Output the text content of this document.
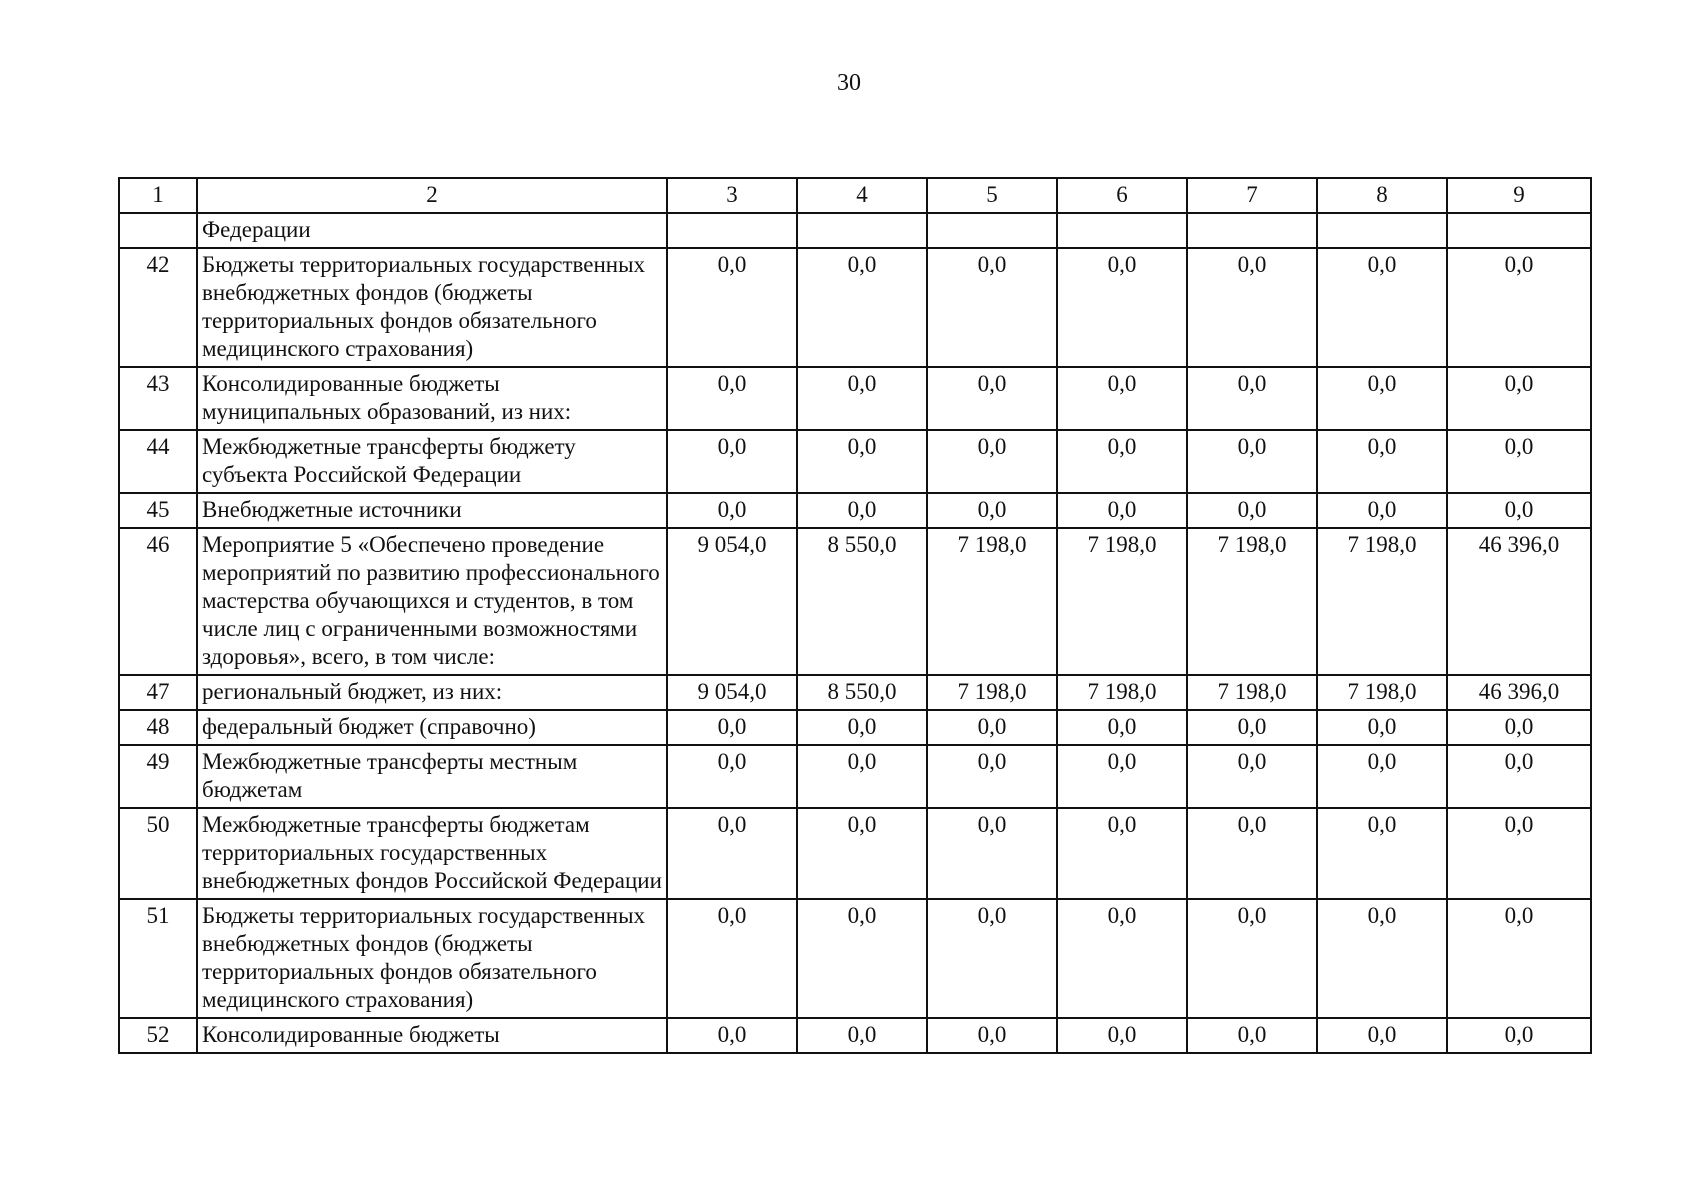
30
1	2	3	4	5	6	7	8	9
	Федерации							
42	Бюджеты территориальных государственных внебюджетных фондов (бюджеты территориальных фондов обязательного медицинского страхования)	0,0	0,0	0,0	0,0	0,0	0,0	0,0
43	Консолидированные бюджеты муниципальных образований, из них:	0,0	0,0	0,0	0,0	0,0	0,0	0,0
44	Межбюджетные трансферты бюджету субъекта Российской Федерации	0,0	0,0	0,0	0,0	0,0	0,0	0,0
45	Внебюджетные источники	0,0	0,0	0,0	0,0	0,0	0,0	0,0
46	Мероприятие 5 «Обеспечено проведение мероприятий по развитию профессионального мастерства обучающихся и студентов, в том числе лиц с ограниченными возможностями здоровья», всего, в том числе:	9 054,0	8 550,0	7 198,0	7 198,0	7 198,0	7 198,0	46 396,0
47	региональный бюджет, из них:	9 054,0	8 550,0	7 198,0	7 198,0	7 198,0	7 198,0	46 396,0
48	федеральный бюджет (справочно)	0,0	0,0	0,0	0,0	0,0	0,0	0,0
49	Межбюджетные трансферты местным бюджетам	0,0	0,0	0,0	0,0	0,0	0,0	0,0
50	Межбюджетные трансферты бюджетам территориальных государственных внебюджетных фондов Российской Федерации	0,0	0,0	0,0	0,0	0,0	0,0	0,0
51	Бюджеты территориальных государственных внебюджетных фондов (бюджеты территориальных фондов обязательного медицинского страхования)	0,0	0,0	0,0	0,0	0,0	0,0	0,0
52	Консолидированные бюджеты	0,0	0,0	0,0	0,0	0,0	0,0	0,0
